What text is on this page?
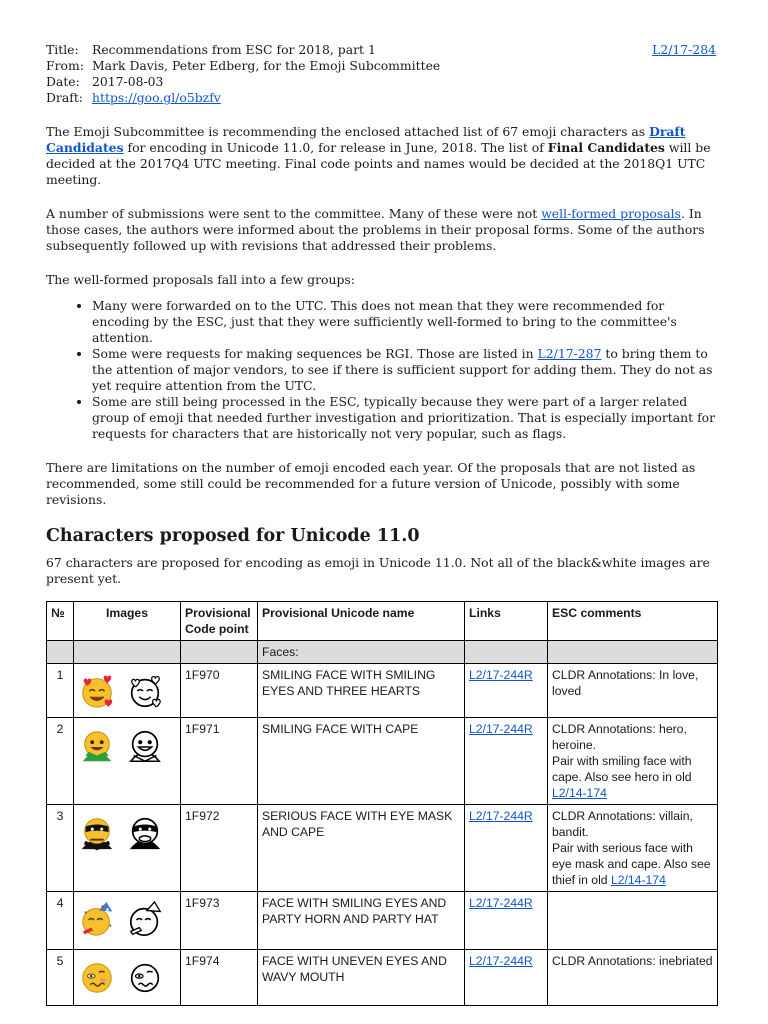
Title:	Recommendations from ESC for 2018, part 1
From: Mark Davis, Peter Edberg, for the Emoji Subcommittee
Date: 2017-08-03
Draft: https://goo.gl/o5bzfv
L2/17-284

The Emoji Subcommittee is recommending the enclosed attached list of 67 emoji characters as Draft Candidates for encoding in Unicode 11.0, for release in June, 2018. The list of Final Candidates will be decided at the 2017Q4 UTC meeting. Final code points and names would be decided at the 2018Q1 UTC meeting.

A number of submissions were sent to the committee. Many of these were not well-formed proposals. In those cases, the authors were informed about the problems in their proposal forms. Some of the authors subsequently followed up with revisions that addressed their problems.

The well-formed proposals fall into a few groups:

• Many were forwarded on to the UTC. This does not mean that they were recommended for encoding by the ESC, just that they were sufficiently well-formed to bring to the committee's attention.
• Some were requests for making sequences be RGI. Those are listed in L2/17-287 to bring them to the attention of major vendors, to see if there is sufficient support for adding them. They do not as yet require attention from the UTC.
• Some are still being processed in the ESC, typically because they were part of a larger related group of emoji that needed further investigation and prioritization. That is especially important for requests for characters that are historically not very popular, such as flags.

There are limitations on the number of emoji encoded each year. Of the proposals that are not listed as recommended, some still could be recommended for a future version of Unicode, possibly with some revisions.

Characters proposed for Unicode 11.0

67 characters are proposed for encoding as emoji in Unicode 11.0. Not all of the black&white images are present yet.

№	Images	Provisional Code point	Provisional Unicode name	Links	ESC comments
			Faces:		
1		1F970	SMILING FACE WITH SMILING EYES AND THREE HEARTS	L2/17-244R	CLDR Annotations: In love, loved

2		1F971	SMILING FACE WITH CAPE	L2/17-244R	CLDR Annotations: hero, heroine.
Pair with smiling face with cape. Also see hero in old
L2/14-174

3		1F972	SERIOUS FACE WITH EYE MASK AND CAPE	L2/17-244R	CLDR Annotations: villain, bandit.
Pair with serious face with eye mask and cape. Also see thief in old L2/14-174

4		1F973	FACE WITH SMILING EYES AND PARTY HORN AND PARTY HAT	L2/17-244R	
5		1F974	FACE WITH UNEVEN EYES AND WAVY MOUTH	L2/17-244R	CLDR Annotations: inebriated
